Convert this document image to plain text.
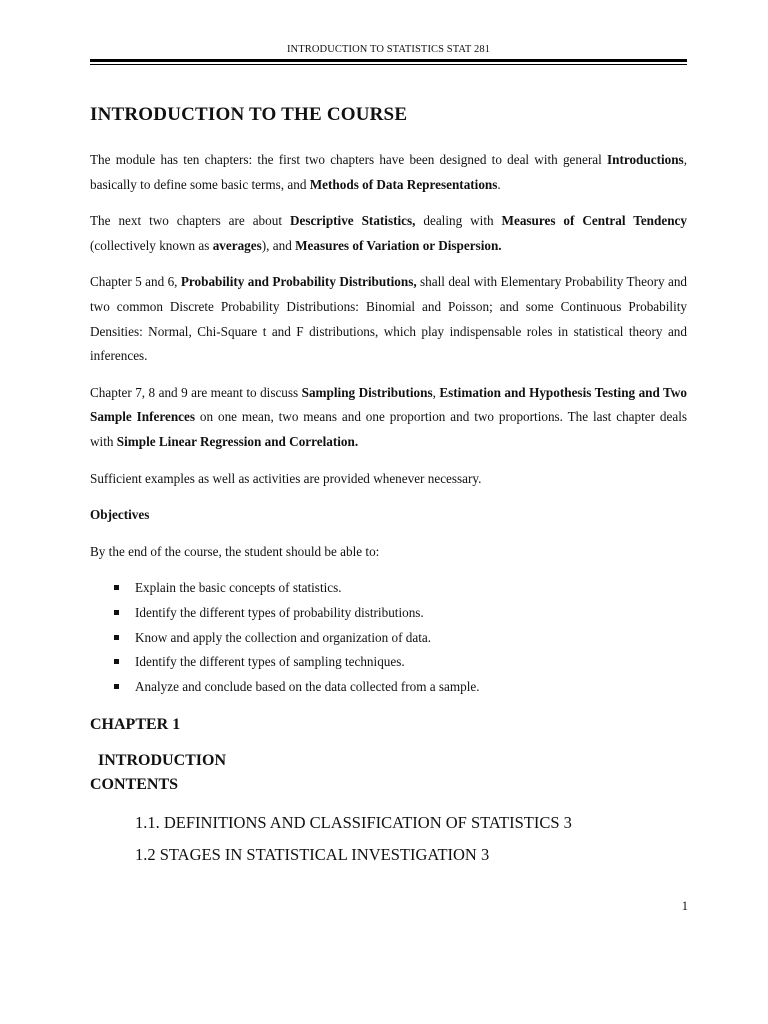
INTRODUCTION TO STATISTICS STAT 281
INTRODUCTION TO THE COURSE

The module has ten chapters: the first two chapters have been designed to deal with general Introductions, basically to define some basic terms, and Methods of Data Representations.

The next two chapters are about Descriptive Statistics, dealing with Measures of Central Tendency (collectively known as averages), and Measures of Variation or Dispersion.

Chapter 5 and 6, Probability and Probability Distributions, shall deal with Elementary Probability Theory and two common Discrete Probability Distributions: Binomial and Poisson; and some Continuous Probability Densities: Normal, Chi-Square t and F distributions, which play indispensable roles in statistical theory and inferences.

Chapter 7, 8 and 9 are meant to discuss Sampling Distributions, Estimation and Hypothesis Testing and Two Sample Inferences on one mean, two means and one proportion and two proportions. The last chapter deals with Simple Linear Regression and Correlation.

Sufficient examples as well as activities are provided whenever necessary.

Objectives

By the end of the course, the student should be able to:

Explain the basic concepts of statistics.
Identify the different types of probability distributions.
Know and apply the collection and organization of data.
Identify the different types of sampling techniques.
Analyze and conclude based on the data collected from a sample.
CHAPTER 1
INTRODUCTION
CONTENTS
1.1. DEFINITIONS AND CLASSIFICATION OF STATISTICS 3
1.2 STAGES IN STATISTICAL INVESTIGATION 3
1
